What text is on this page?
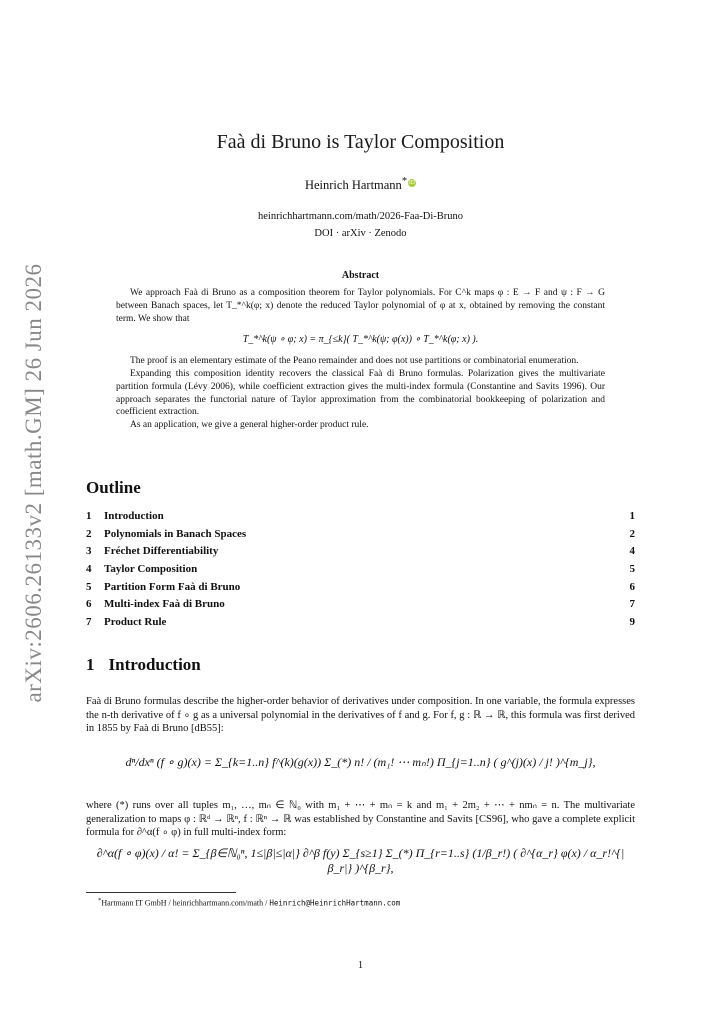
arXiv:2606.26133v2 [math.GM] 26 Jun 2026
Faà di Bruno is Taylor Composition
Heinrich Hartmann* iD
heinrichhartmann.com/math/2026-Faa-Di-Bruno
DOI · arXiv · Zenodo
Abstract

We approach Faà di Bruno as a composition theorem for Taylor polynomials. For C^k maps φ : E → F and ψ : F → G between Banach spaces, let T_*^k(φ; x) denote the reduced Taylor polynomial of φ at x, obtained by removing the constant term. We show that

T_*^k(ψ ∘ φ; x) = π_{≤k}( T_*^k(ψ; φ(x)) ∘ T_*^k(φ; x) ).

The proof is an elementary estimate of the Peano remainder and does not use partitions or combinatorial enumeration.

Expanding this composition identity recovers the classical Faà di Bruno formulas. Polarization gives the multivariate partition formula (Lévy 2006), while coefficient extraction gives the multi-index formula (Constantine and Savits 1996). Our approach separates the functorial nature of Taylor approximation from the combinatorial bookkeeping of polarization and coefficient extraction.

As an application, we give a general higher-order product rule.

Outline
1	Introduction	1
2	Polynomials in Banach Spaces	2
3	Fréchet Differentiability	4
4	Taylor Composition	5
5	Partition Form Faà di Bruno	6
6	Multi-index Faà di Bruno	7
7	Product Rule	9
1 Introduction
Faà di Bruno formulas describe the higher-order behavior of derivatives under composition. In one variable, the formula expresses the n-th derivative of f ∘ g as a universal polynomial in the derivatives of f and g. For f, g : ℝ → ℝ, this formula was first derived in 1855 by Faà di Bruno [dB55]:
dⁿ/dxⁿ (f ∘ g)(x) = Σ_{k=1..n} f^(k)(g(x)) Σ_(*) n! / (m₁! ⋯ mₙ!) Π_{j=1..n} ( g^(j)(x) / j! )^{m_j},
where (*) runs over all tuples m₁, …, mₙ ∈ ℕ₀ with m₁ + ⋯ + mₙ = k and m₁ + 2m₂ + ⋯ + nmₙ = n. The multivariate generalization to maps φ : ℝᵈ → ℝⁿ, f : ℝⁿ → ℝ was established by Constantine and Savits [CS96], who gave a complete explicit formula for ∂^α(f ∘ φ) in full multi-index form:
∂^α(f ∘ φ)(x) / α! = Σ_{β∈ℕ₀ⁿ, 1≤|β|≤|α|} ∂^β f(y) Σ_{s≥1} Σ_(*) Π_{r=1..s} (1/β_r!) ( ∂^{α_r} φ(x) / α_r!^{|β_r|} )^{β_r},
*Hartmann IT GmbH / heinrichhartmann.com/math / Heinrich@HeinrichHartmann.com
1
